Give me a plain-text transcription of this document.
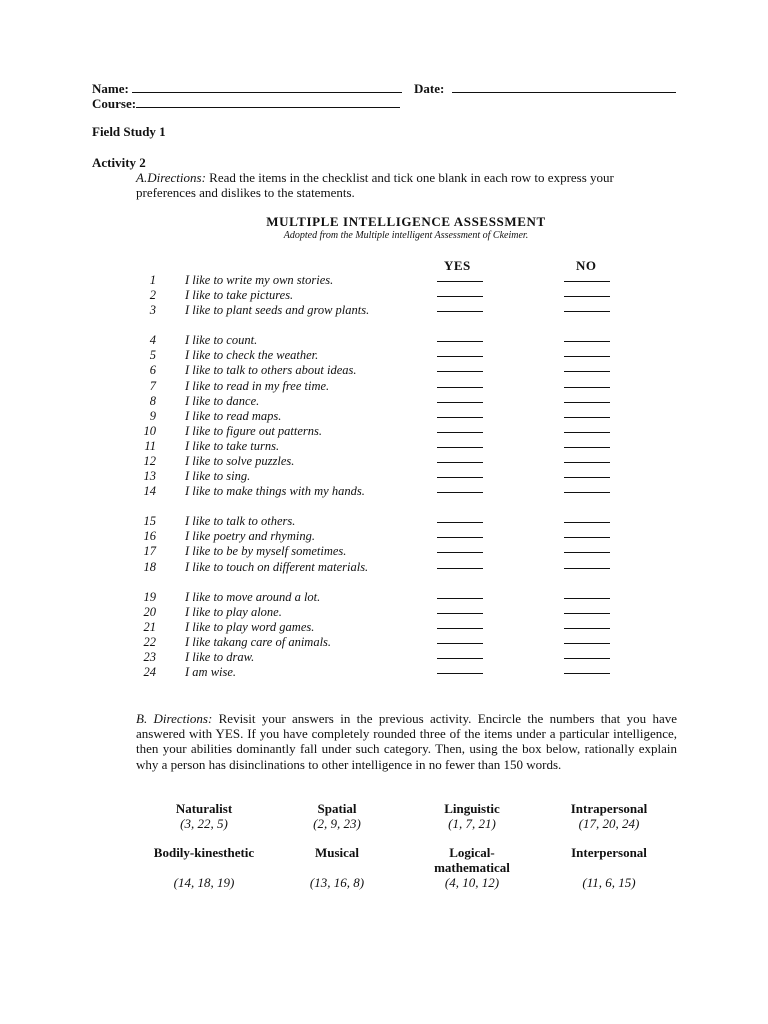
Name:	Date:
Course:
Field Study 1
Activity 2
A.Directions: Read the items in the checklist and tick one blank in each row to express your preferences and dislikes to the statements.
MULTIPLE INTELLIGENCE ASSESSMENT
Adopted from the Multiple intelligent Assessment of Ckeimer.
YES	NO
1 I like to write my own stories.
2 I like to take pictures.
3 I like to plant seeds and grow plants.
4 I like to count.
5 I like to check the weather.
6 I like to talk to others about ideas.
7 I like to read in my free time.
8 I like to dance.
9 I like to read maps.
10 I like to figure out patterns.
11 I like to take turns.
12 I like to solve puzzles.
13 I like to sing.
14 I like to make things with my hands.
15 I like to talk to others.
16 I like poetry and rhyming.
17 I like to be by myself sometimes.
18 I like to touch on different materials.
19 I like to move around a lot.
20 I like to play alone.
21 I like to play word games.
22 I like takang care of animals.
23 I like to draw.
24 I am wise.
B. Directions: Revisit your answers in the previous activity. Encircle the numbers that you have answered with YES. If you have completely rounded three of the items under a particular intelligence, then your abilities dominantly fall under such category. Then, using the box below, rationally explain why a person has disinclinations to other intelligence in no fewer than 150 words.
Naturalist
(3, 22, 5)
Spatial
(2, 9, 23)
Linguistic
(1, 7, 21)
Intrapersonal
(17, 20, 24)
Bodily-kinesthetic
(14, 18, 19)
Musical
(13, 16, 8)
Logical-mathematical
(4, 10, 12)
Interpersonal
(11, 6, 15)
